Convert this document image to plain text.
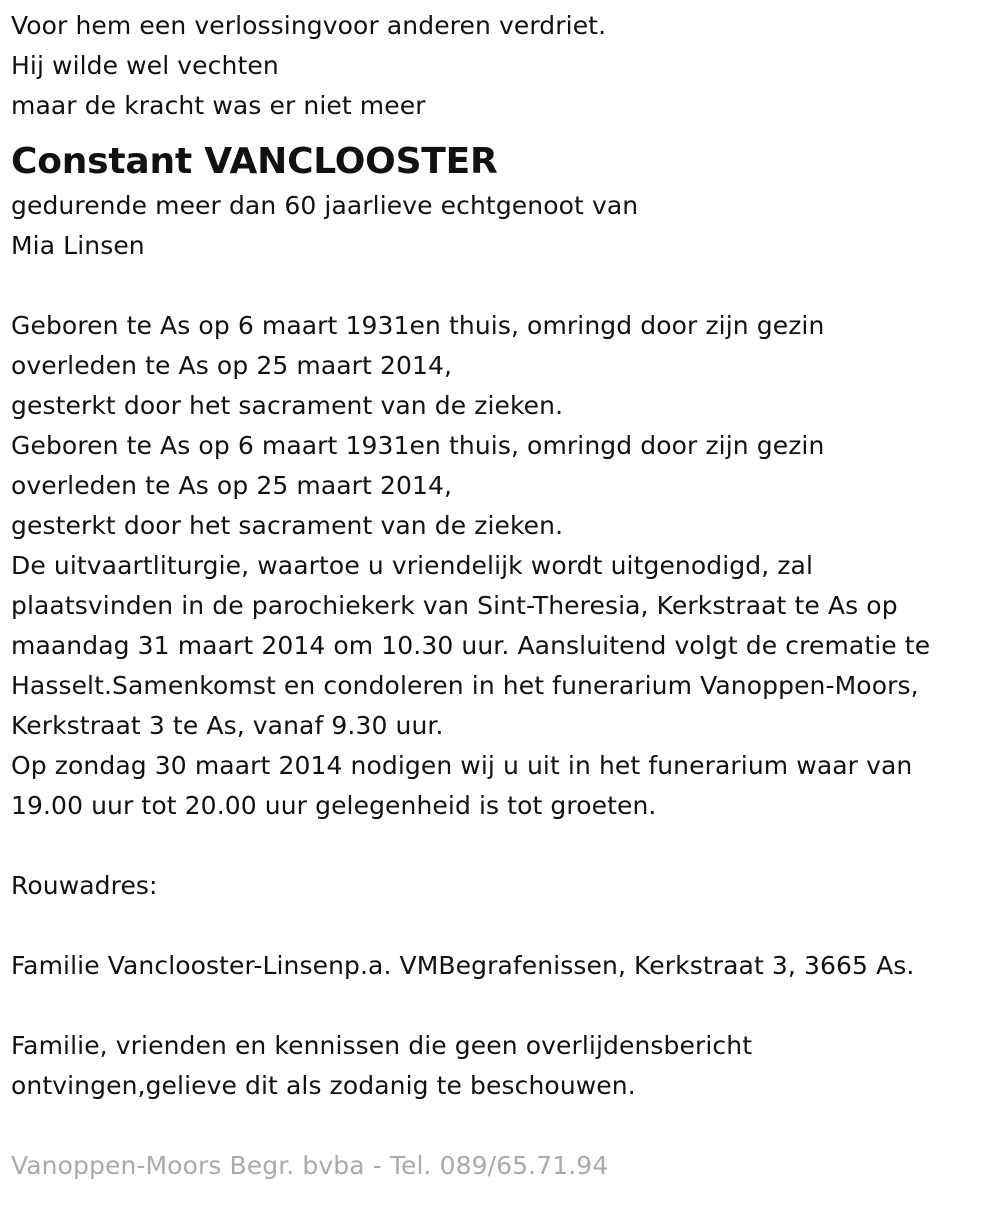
Voor hem een verlossingvoor anderen verdriet.
Hij wilde wel vechten
maar de kracht was er niet meer
Constant VANCLOOSTER
gedurende meer dan 60 jaarlieve echtgenoot van
Mia Linsen
Geboren te As op 6 maart 1931en thuis, omringd door zijn gezin
overleden te As op 25 maart 2014,
gesterkt door het sacrament van de zieken.
Geboren te As op 6 maart 1931en thuis, omringd door zijn gezin
overleden te As op 25 maart 2014,
gesterkt door het sacrament van de zieken.
De uitvaartliturgie, waartoe u vriendelijk wordt uitgenodigd, zal
plaatsvinden in de parochiekerk van Sint-Theresia, Kerkstraat te As op
maandag 31 maart 2014 om 10.30 uur. Aansluitend volgt de crematie te
Hasselt.Samenkomst en condoleren in het funerarium Vanoppen-Moors,
Kerkstraat 3 te As, vanaf 9.30 uur.
Op zondag 30 maart 2014 nodigen wij u uit in het funerarium waar van
19.00 uur tot 20.00 uur gelegenheid is tot groeten.
Rouwadres:
Familie Vanclooster-Linsenp.a. VMBegrafenissen, Kerkstraat 3, 3665 As.
Familie, vrienden en kennissen die geen overlijdensbericht
ontvingen,gelieve dit als zodanig te beschouwen.
Vanoppen-Moors Begr. bvba - Tel. 089/65.71.94
